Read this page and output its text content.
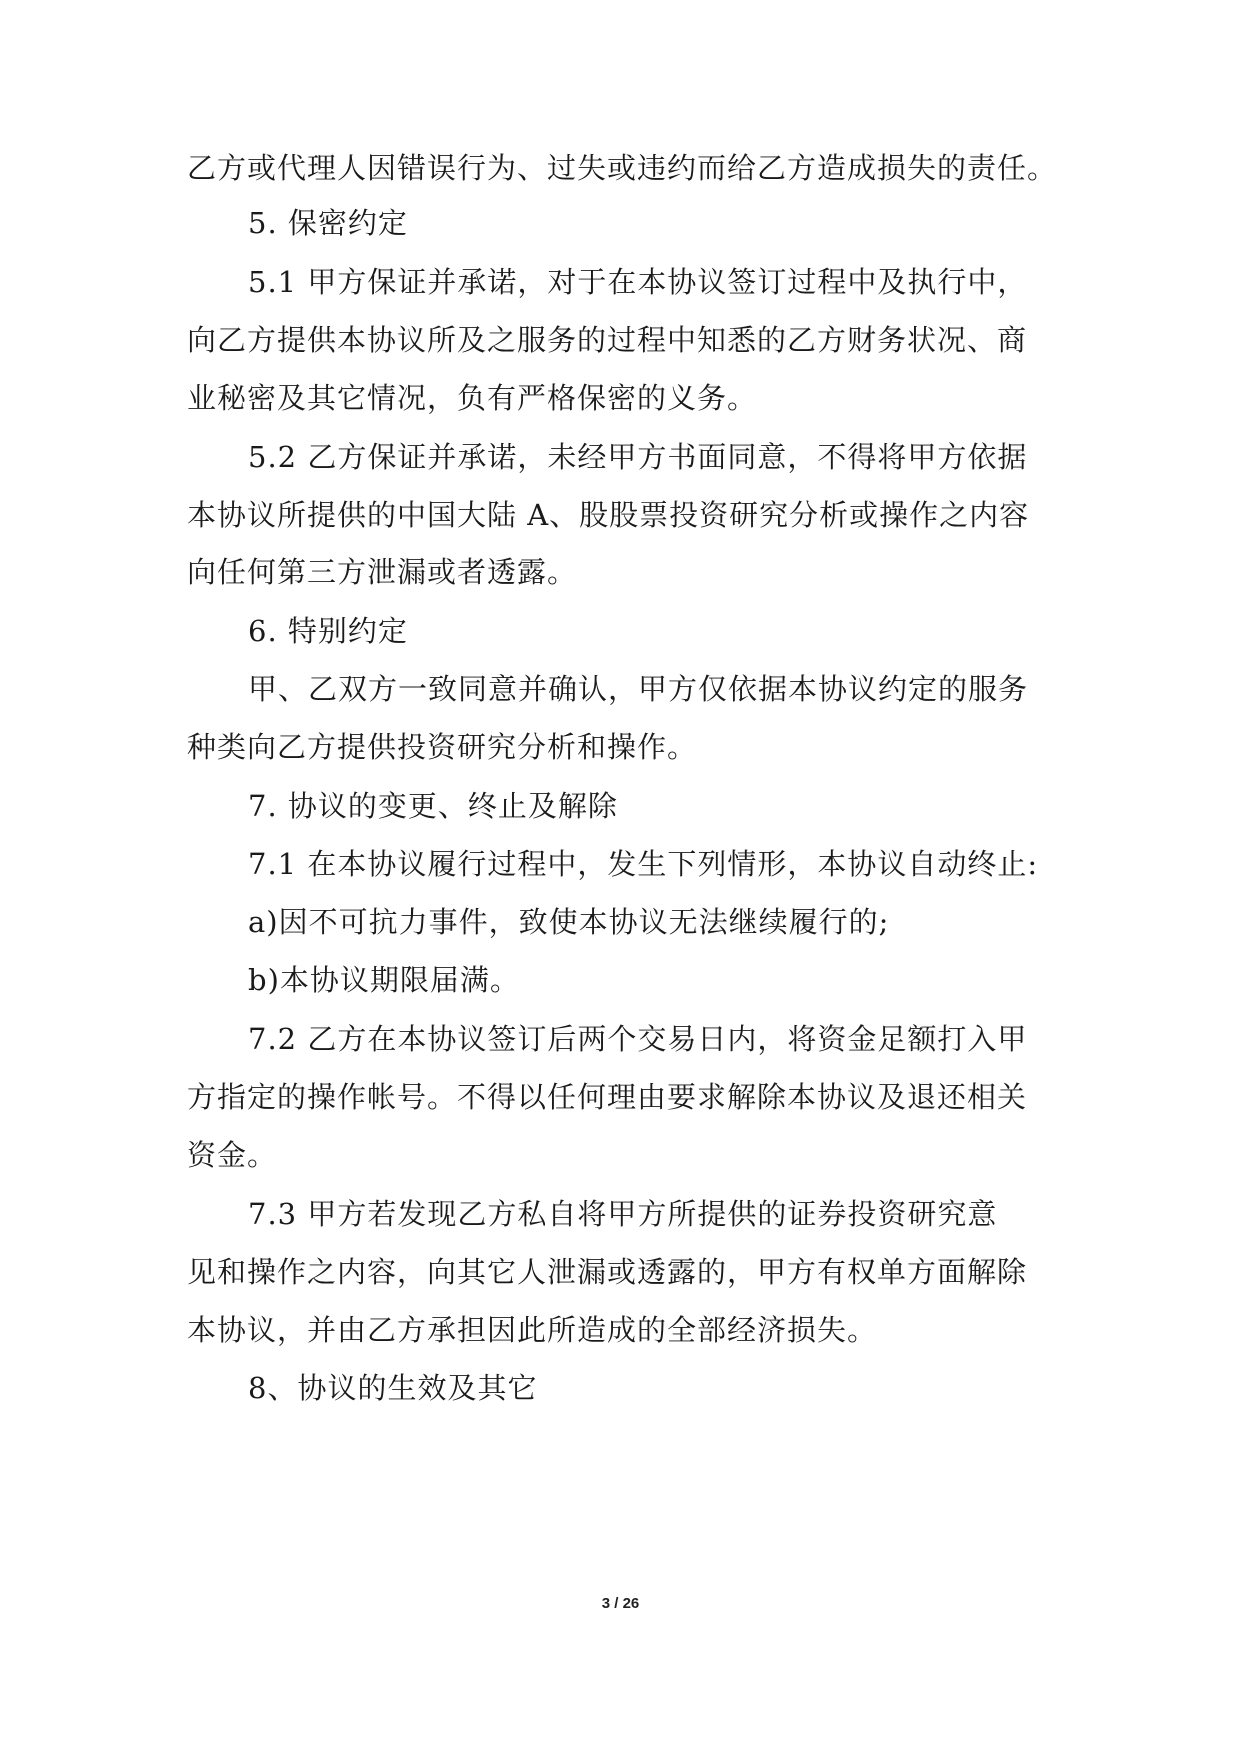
乙方或代理人因错误行为、过失或违约而给乙方造成损失的责任。
5. 保密约定
5.1 甲方保证并承诺，对于在本协议签订过程中及执行中，
向乙方提供本协议所及之服务的过程中知悉的乙方财务状况、商
业秘密及其它情况，负有严格保密的义务。
5.2 乙方保证并承诺，未经甲方书面同意，不得将甲方依据
本协议所提供的中国大陆 A、股股票投资研究分析或操作之内容
向任何第三方泄漏或者透露。
6. 特别约定
甲、乙双方一致同意并确认，甲方仅依据本协议约定的服务
种类向乙方提供投资研究分析和操作。
7. 协议的变更、终止及解除
7.1 在本协议履行过程中，发生下列情形，本协议自动终止:
a)因不可抗力事件，致使本协议无法继续履行的;
b)本协议期限届满。
7.2 乙方在本协议签订后两个交易日内，将资金足额打入甲
方指定的操作帐号。不得以任何理由要求解除本协议及退还相关
资金。
7.3 甲方若发现乙方私自将甲方所提供的证券投资研究意
见和操作之内容，向其它人泄漏或透露的，甲方有权单方面解除
本协议，并由乙方承担因此所造成的全部经济损失。
8、协议的生效及其它
3 / 26
